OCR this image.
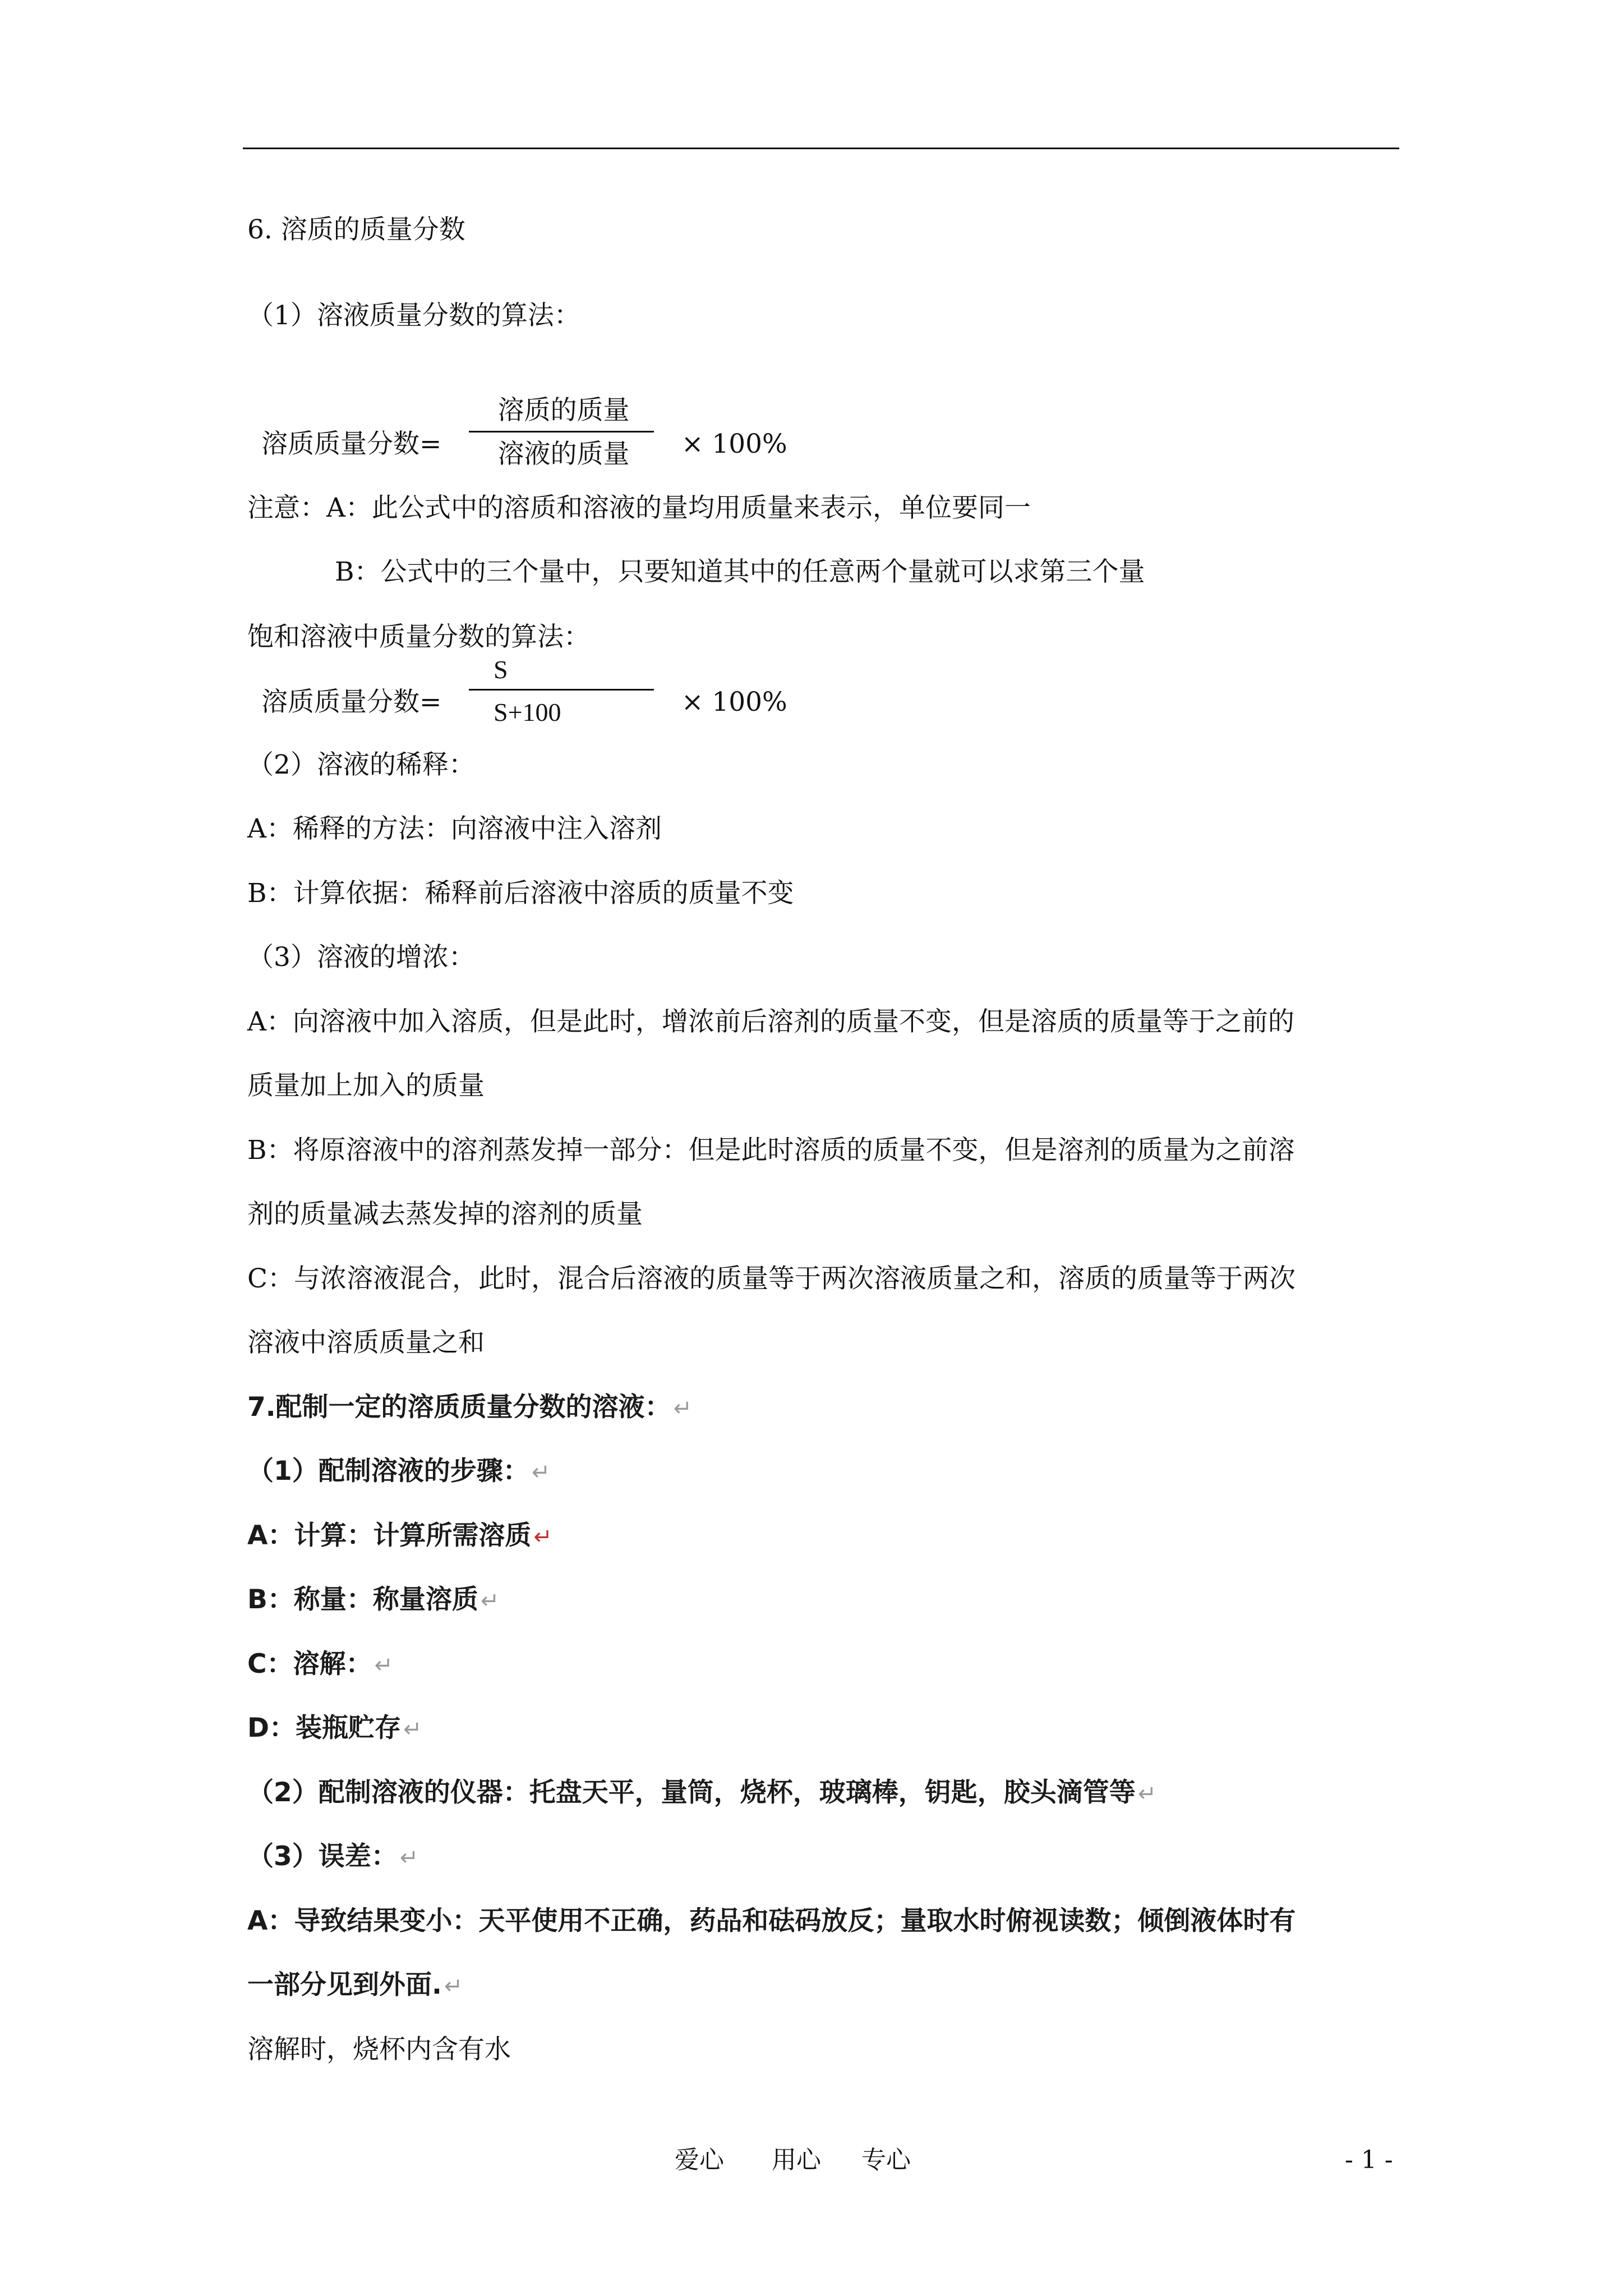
6. 溶质的质量分数
（1）溶液质量分数的算法：
溶质质量分数=
溶质的质量
溶液的质量	× 100%
注意：A：此公式中的溶质和溶液的量均用质量来表示，单位要同一
B：公式中的三个量中，只要知道其中的任意两个量就可以求第三个量
饱和溶液中质量分数的算法：
溶质质量分数=
S
S+100	× 100%
（2）溶液的稀释：
A：稀释的方法：向溶液中注入溶剂
B：计算依据：稀释前后溶液中溶质的质量不变
（3）溶液的增浓：
A：向溶液中加入溶质，但是此时，增浓前后溶剂的质量不变，但是溶质的质量等于之前的
质量加上加入的质量
B：将原溶液中的溶剂蒸发掉一部分：但是此时溶质的质量不变，但是溶剂的质量为之前溶
剂的质量减去蒸发掉的溶剂的质量
C：与浓溶液混合，此时，混合后溶液的质量等于两次溶液质量之和，溶质的质量等于两次
溶液中溶质质量之和
7.配制一定的溶质质量分数的溶液： ↵
（1）配制溶液的步骤： ↵
A：计算：计算所需溶质 ↵
B：称量：称量溶质 ↵
C：溶解： ↵
D：装瓶贮存 ↵
（2）配制溶液的仪器：托盘天平，量筒，烧杯，玻璃棒，钥匙，胶头滴管等 ↵
（3）误差： ↵
A：导致结果变小：天平使用不正确，药品和砝码放反；量取水时俯视读数；倾倒液体时有
一部分见到外面. ↵
溶解时，烧杯内含有水
爱心 用心 专心	- 1 -
